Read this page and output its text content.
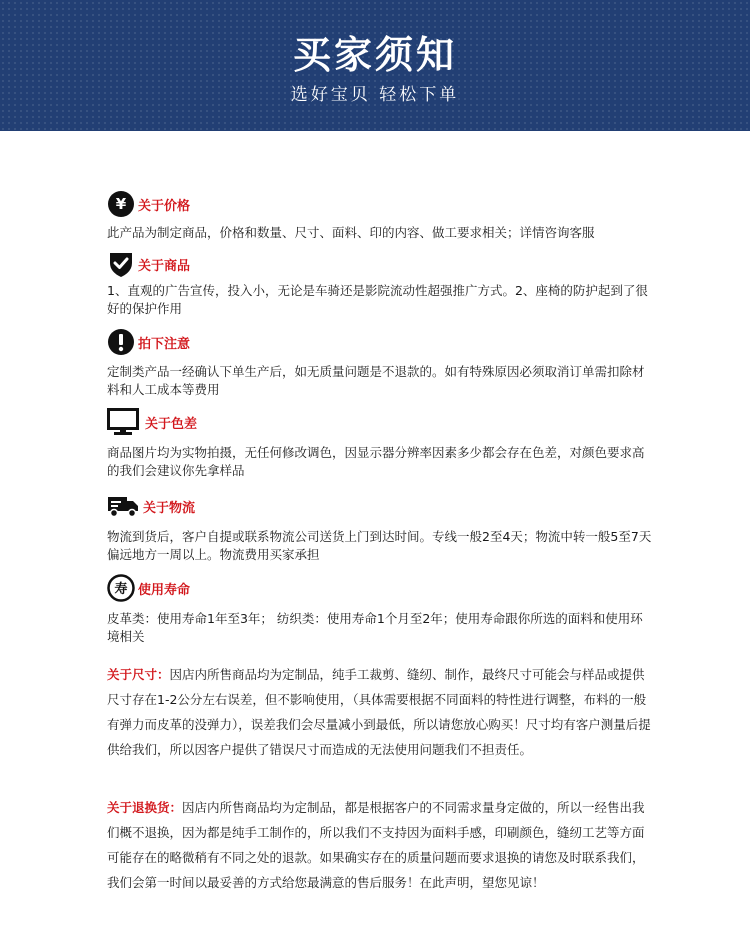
买家须知
选好宝贝 轻松下单
¥ 关于价格
此产品为制定商品，价格和数量、尺寸、面料、印的内容、做工要求相关；详情咨询客服
关于商品
1、直观的广告宣传，投入小，无论是车骑还是影院流动性超强推广方式。2、座椅的防护起到了很好的保护作用
拍下注意
定制类产品一经确认下单生产后，如无质量问题是不退款的。如有特殊原因必须取消订单需扣除材料和人工成本等费用
关于色差
商品图片均为实物拍摄，无任何修改调色，因显示器分辨率因素多少都会存在色差，对颜色要求高的我们会建议你先拿样品
关于物流
物流到货后，客户自提或联系物流公司送货上门到达时间。专线一般2至4天；物流中转一般5至7天偏远地方一周以上。物流费用买家承担
寿 使用寿命
皮革类：使用寿命1年至3年； 纺织类：使用寿命1个月至2年；使用寿命跟你所选的面料和使用环境相关
关于尺寸：因店内所售商品均为定制品，纯手工裁剪、缝纫、制作，最终尺寸可能会与样品或提供尺寸存在1-2公分左右误差，但不影响使用，（具体需要根据不同面料的特性进行调整，布料的一般有弹力而皮革的没弹力），误差我们会尽量减小到最低，所以请您放心购买！尺寸均有客户测量后提供给我们，所以因客户提供了错误尺寸而造成的无法使用问题我们不担责任。
关于退换货：因店内所售商品均为定制品，都是根据客户的不同需求量身定做的，所以一经售出我们概不退换，因为都是纯手工制作的，所以我们不支持因为面料手感，印刷颜色，缝纫工艺等方面可能存在的略微稍有不同之处的退款。如果确实存在的质量问题而要求退换的请您及时联系我们，我们会第一时间以最妥善的方式给您最满意的售后服务！在此声明，望您见谅！
